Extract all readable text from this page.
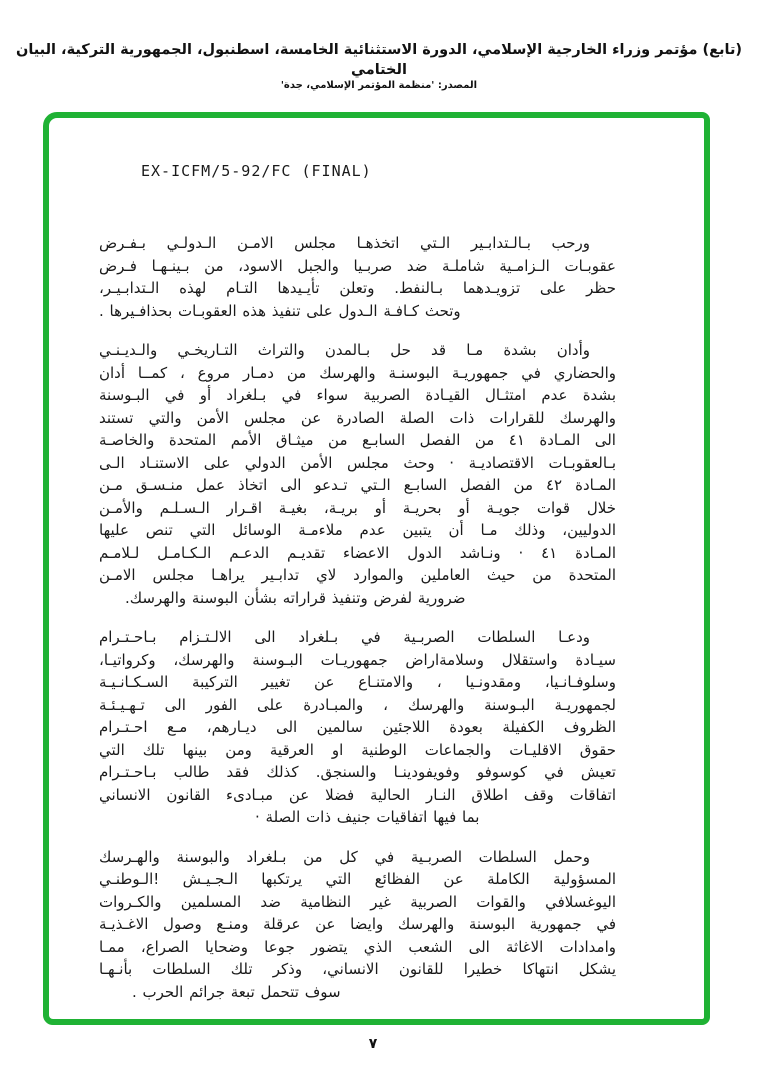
(تابع) مؤتمر وزراء الخارجية الإسلامي، الدورة الاستثنائية الخامسة، اسطنبول، الجمهورية التركية، البيان الختامي
المصدر: 'منظمة المؤتمر الإسلامي، جدة'
EX-ICFM/5-92/FC (FINAL)
ورحب بـالـتدابـير الـتي اتخذهـا مجلس الامـن الـدولـي بـفـرض
عقوبـات الـزامـية شاملـة ضد صربـيا والجبل الاسود، من بـينـهـا فـرض
حظر على تزويـدهما بـالنفط. وتعلن تأيـيدها التـام لهذه الـتدابـيـر،
وتحث كـافـة الـدول على تنفيذ هذه العقوبـات بحذافـيرها .
وأدان بشدة مـا قد حل بـالمدن والتراث التـاريخـي والـديـنـي
والحضاري في جمهوريـة البوسنـة والهرسك من دمـار مروع ، كمــا أدان
بشدة عدم امتثـال القيـادة الصربية سواء في بـلغراد أو في البـوسنة
والهرسك للقرارات ذات الصلة الصادرة عن مجلس الأمن والتي تستند
الى المـادة ٤١ من الفصل السابـع من ميثـاق الأمم المتحدة والخاصـة
بـالعقوبـات الاقتصاديـة · وحث مجلس الأمن الدولي على الاستنـاد الـى
المـادة ٤٢ من الفصل السابـع الـتي تـدعو الى اتخاذ عمل منـسـق مـن
خلال قوات جويـة أو بحريـة أو بريـة، بغيـة اقـرار الـسـلـم والأمـن
الدوليين، وذلك مـا أن يتبين عدم ملاءمـة الوسائل التي تنص عليها
المـادة ٤١ · ونـاشد الدول الاعضاء تقديـم الدعـم الـكـامـل لـلامـم
المتحدة من حيث العاملين والموارد لاي تدابـير يراهـا مجلس الامـن
ضرورية لفرض وتنفيذ قراراته بشأن البوسنة والهرسك.
ودعـا السلطات الصربـية في بـلغراد الى الالـتـزام بـاحـتـرام
سيـادة واستقلال وسلامةاراض جمهوريـات البـوسنة والهرسك، وكرواتيـا،
وسلوفـانـيا، ومقدونـيا ، والامتنـاع عن تغيير التركيبة السـكـانـيـة
لجمهوريـة البـوسنة والهرسك ، والمبـادرة على الفور الى تـهـيـئـة
الظروف الكفيلة بعودة اللاجئين سالمين الى ديـارهم، مـع احـتـرام
حقوق الاقليـات والجماعات الوطنية او العرقية ومن بينها تلك التي
تعيش في كوسوفو وفويفودينـا والسنجق. كذلك فقد طالب بـاحـتـرام
اتفاقات وقف اطلاق النـار الحالية فضلا عن مبـادىء القانون الانساني
بما فيها اتفاقيات جنيف ذات الصلة ·
وحمل السلطات الصربـية في كل من بـلغراد والبوسنة والهـرسك
المسؤولية الكاملة عن الفظائع التي يرتكبها الـجـيـش !الـوطنـي
اليوغسلافي والقوات الصربية غير النظامية ضد المسلمين والكـروات
في جمهورية البوسنة والهرسك وايضا عن عرقلة ومنـع وصول الاغـذيـة
وامدادات الاغاثة الى الشعب الذي يتضور جوعا وضحايا الصراع، ممـا
يشكل انتهاكا خطيرا للقانون الانساني، وذكر تلك السلطات بأنـهـا
سوف تتحمل تبعة جرائم الحرب .
٧
